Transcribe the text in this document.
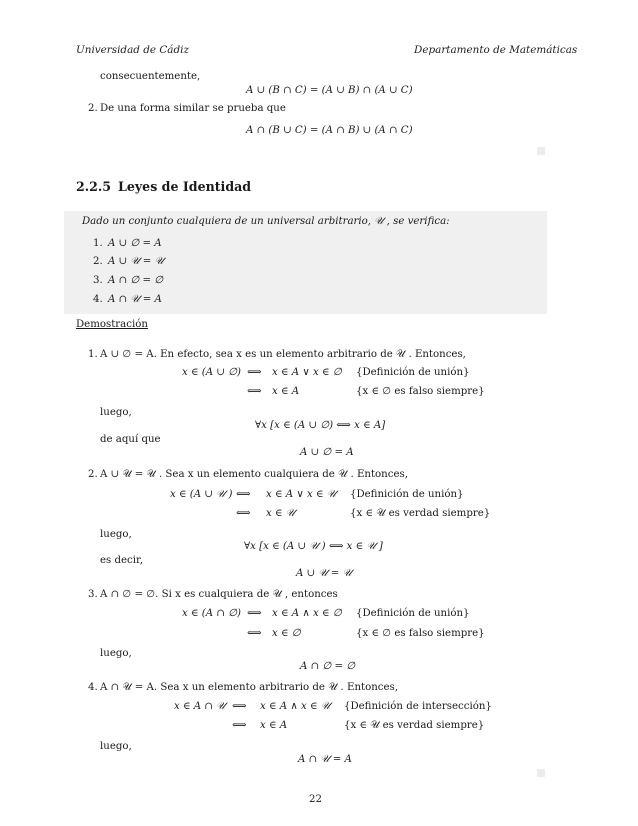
Universidad de Cádiz	Departamento de Matemáticas
consecuentemente,
A ∪ (B ∩ C) = (A ∪ B) ∩ (A ∪ C)
2. De una forma similar se prueba que
A ∩ (B ∪ C) = (A ∩ B) ∪ (A ∩ C)
2.2.5 Leyes de Identidad
Dado un conjunto cualquiera de un universal arbitrario, 𝒰 , se verifica:
1. A ∪ ∅ = A
2. A ∪ 𝒰 = 𝒰
3. A ∩ ∅ = ∅
4. A ∩ 𝒰 = A
Demostración
1. A ∪ ∅ = A. En efecto, sea x es un elemento arbitrario de 𝒰 . Entonces,
x ∈ (A ∪ ∅) ⟺ x ∈ A ∨ x ∈ ∅ {Definición de unión}
⟺ x ∈ A	{x ∈ ∅ es falso siempre}
luego,
∀x [x ∈ (A ∪ ∅) ⟺ x ∈ A]
de aquí que
A ∪ ∅ = A
2. A ∪ 𝒰 = 𝒰 . Sea x un elemento cualquiera de 𝒰 . Entonces,
x ∈ (A ∪ 𝒰 ) ⟺ x ∈ A ∨ x ∈ 𝒰 {Definición de unión}
⟺ x ∈ 𝒰	{x ∈ 𝒰 es verdad siempre}
luego,
∀x [x ∈ (A ∪ 𝒰 ) ⟺ x ∈ 𝒰 ]
es decir,
A ∪ 𝒰 = 𝒰
3. A ∩ ∅ = ∅. Si x es cualquiera de 𝒰 , entonces
x ∈ (A ∩ ∅) ⟺ x ∈ A ∧ x ∈ ∅ {Definición de unión}
⟺ x ∈ ∅	{x ∈ ∅ es falso siempre}
luego,
A ∩ ∅ = ∅
4. A ∩ 𝒰 = A. Sea x un elemento arbitrario de 𝒰 . Entonces,
x ∈ A ∩ 𝒰 ⟺ x ∈ A ∧ x ∈ 𝒰 {Definición de intersección}
⟺ x ∈ A	{x ∈ 𝒰 es verdad siempre}
luego,
A ∩ 𝒰 = A
22
